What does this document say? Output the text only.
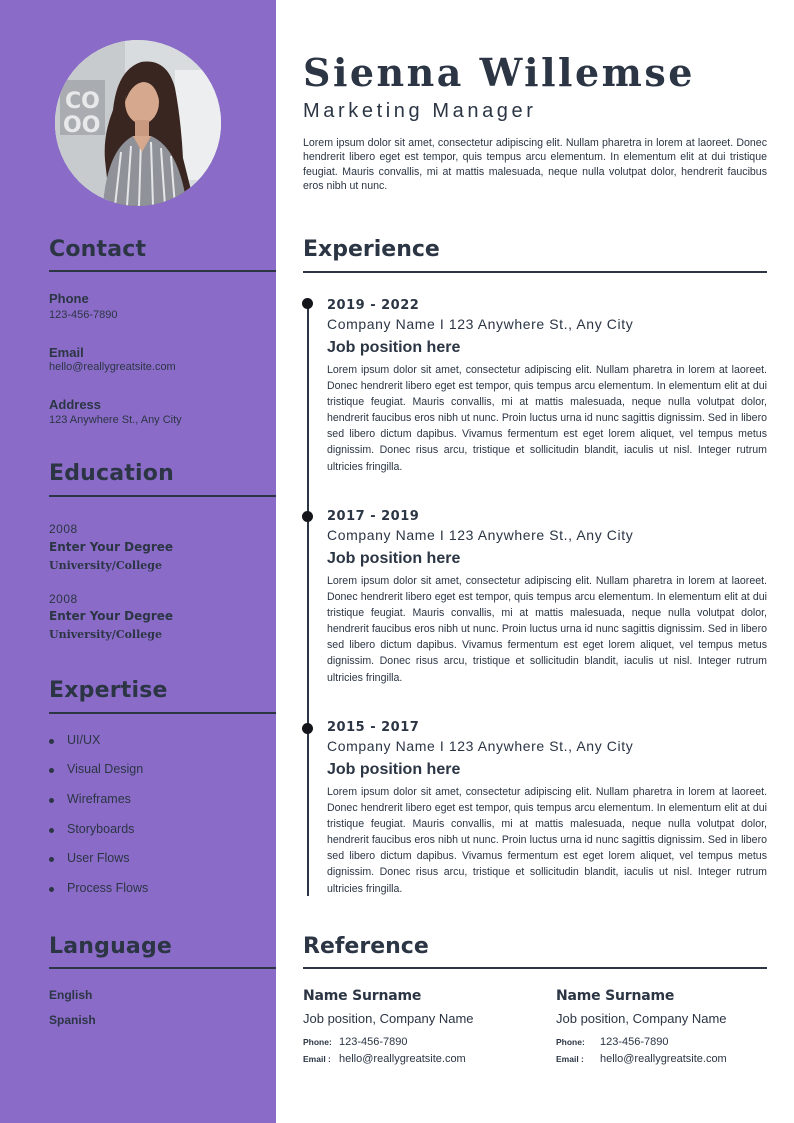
CO
OO
Contact
Phone
123-456-7890
Email
hello@reallygreatsite.com
Address
123 Anywhere St., Any City
Education
2008
Enter Your Degree
University/College
2008
Enter Your Degree
University/College
Expertise
UI/UX
Visual Design
Wireframes
Storyboards
User Flows
Process Flows
Language
English
Spanish
Sienna Willemse
Marketing Manager
Lorem ipsum dolor sit amet, consectetur adipiscing elit. Nullam pharetra in lorem at laoreet. Donec hendrerit libero eget est tempor, quis tempus arcu elementum. In elementum elit at dui tristique feugiat. Mauris convallis, mi at mattis malesuada, neque nulla volutpat dolor, hendrerit faucibus eros nibh ut nunc.
Experience
2019 - 2022
Company Name I 123 Anywhere St., Any City
Job position here
Lorem ipsum dolor sit amet, consectetur adipiscing elit. Nullam pharetra in lorem at laoreet. Donec hendrerit libero eget est tempor, quis tempus arcu elementum. In elementum elit at dui tristique feugiat. Mauris convallis, mi at mattis malesuada, neque nulla volutpat dolor, hendrerit faucibus eros nibh ut nunc. Proin luctus urna id nunc sagittis dignissim. Sed in libero sed libero dictum dapibus. Vivamus fermentum est eget lorem aliquet, vel tempus metus dignissim. Donec risus arcu, tristique et sollicitudin blandit, iaculis ut nisl. Integer rutrum ultricies fringilla.
2017 - 2019
Company Name I 123 Anywhere St., Any City
Job position here
Lorem ipsum dolor sit amet, consectetur adipiscing elit. Nullam pharetra in lorem at laoreet. Donec hendrerit libero eget est tempor, quis tempus arcu elementum. In elementum elit at dui tristique feugiat. Mauris convallis, mi at mattis malesuada, neque nulla volutpat dolor, hendrerit faucibus eros nibh ut nunc. Proin luctus urna id nunc sagittis dignissim. Sed in libero sed libero dictum dapibus. Vivamus fermentum est eget lorem aliquet, vel tempus metus dignissim. Donec risus arcu, tristique et sollicitudin blandit, iaculis ut nisl. Integer rutrum ultricies fringilla.
2015 - 2017
Company Name I 123 Anywhere St., Any City
Job position here
Lorem ipsum dolor sit amet, consectetur adipiscing elit. Nullam pharetra in lorem at laoreet. Donec hendrerit libero eget est tempor, quis tempus arcu elementum. In elementum elit at dui tristique feugiat. Mauris convallis, mi at mattis malesuada, neque nulla volutpat dolor, hendrerit faucibus eros nibh ut nunc. Proin luctus urna id nunc sagittis dignissim. Sed in libero sed libero dictum dapibus. Vivamus fermentum est eget lorem aliquet, vel tempus metus dignissim. Donec risus arcu, tristique et sollicitudin blandit, iaculis ut nisl. Integer rutrum ultricies fringilla.
Reference
Name Surname
Job position, Company Name
Phone: 123-456-7890
Email : hello@reallygreatsite.com
Name Surname
Job position, Company Name
Phone: 123-456-7890
Email : hello@reallygreatsite.com
